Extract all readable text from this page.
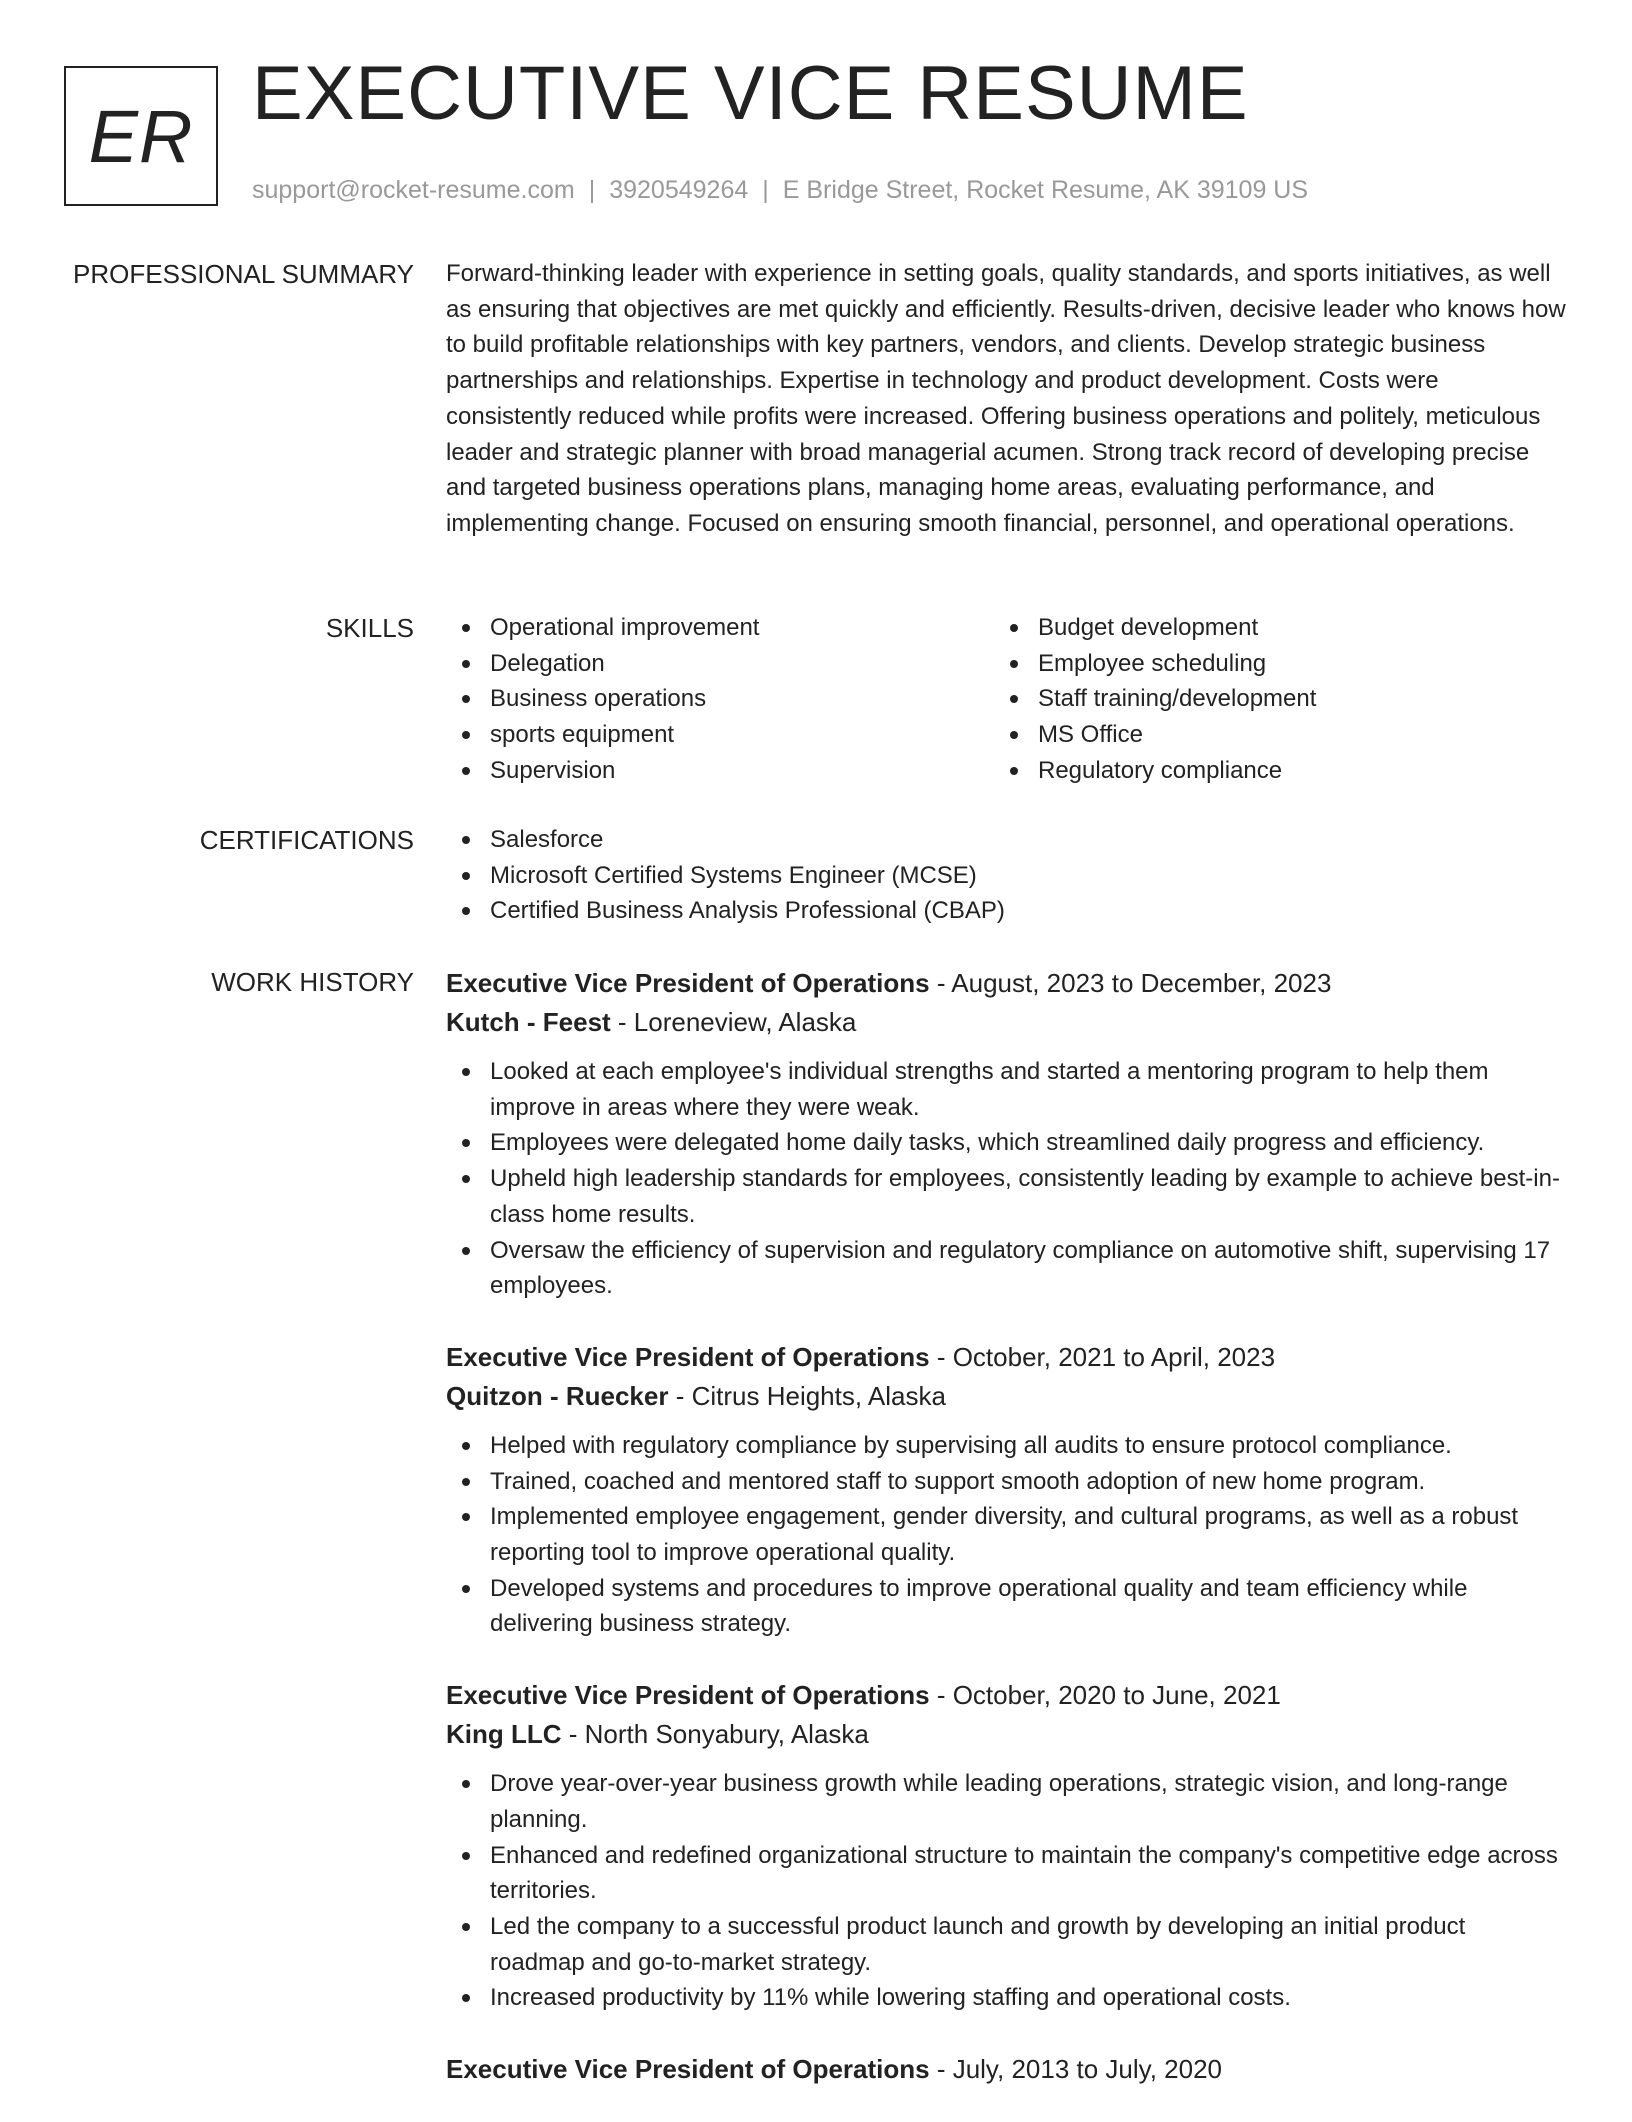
ER EXECUTIVE VICE RESUME
support@rocket-resume.com | 3920549264 | E Bridge Street, Rocket Resume, AK 39109 US
PROFESSIONAL SUMMARY Forward-thinking leader with experience in setting goals, quality standards, and sports initiatives, as well as ensuring that objectives are met quickly and efficiently. Results-driven, decisive leader who knows how to build profitable relationships with key partners, vendors, and clients. Develop strategic business partnerships and relationships. Expertise in technology and product development. Costs were consistently reduced while profits were increased. Offering business operations and politely, meticulous leader and strategic planner with broad managerial acumen. Strong track record of developing precise and targeted business operations plans, managing home areas, evaluating performance, and implementing change. Focused on ensuring smooth financial, personnel, and operational operations.

SKILLS	Operational improvement
Delegation
Business operations
sports equipment
Supervision
Budget development
Employee scheduling
Staff training/development
MS Office
Regulatory compliance
CERTIFICATIONS	Salesforce
Microsoft Certified Systems Engineer (MCSE)
Certified Business Analysis Professional (CBAP)
WORK HISTORY Executive Vice President of Operations - August, 2023 to December, 2023
Kutch - Feest - Loreneview, Alaska
Looked at each employee's individual strengths and started a mentoring program to help them improve in areas where they were weak.
Employees were delegated home daily tasks, which streamlined daily progress and efficiency.
Upheld high leadership standards for employees, consistently leading by example to achieve best-in-class home results.
Oversaw the efficiency of supervision and regulatory compliance on automotive shift, supervising 17 employees.
Executive Vice President of Operations - October, 2021 to April, 2023
Quitzon - Ruecker - Citrus Heights, Alaska
Helped with regulatory compliance by supervising all audits to ensure protocol compliance.
Trained, coached and mentored staff to support smooth adoption of new home program.
Implemented employee engagement, gender diversity, and cultural programs, as well as a robust reporting tool to improve operational quality.
Developed systems and procedures to improve operational quality and team efficiency while delivering business strategy.
Executive Vice President of Operations - October, 2020 to June, 2021
King LLC - North Sonyabury, Alaska
Drove year-over-year business growth while leading operations, strategic vision, and long-range planning.
Enhanced and redefined organizational structure to maintain the company's competitive edge across territories.
Led the company to a successful product launch and growth by developing an initial product roadmap and go-to-market strategy.
Increased productivity by 11% while lowering staffing and operational costs.
Executive Vice President of Operations - July, 2013 to July, 2020
